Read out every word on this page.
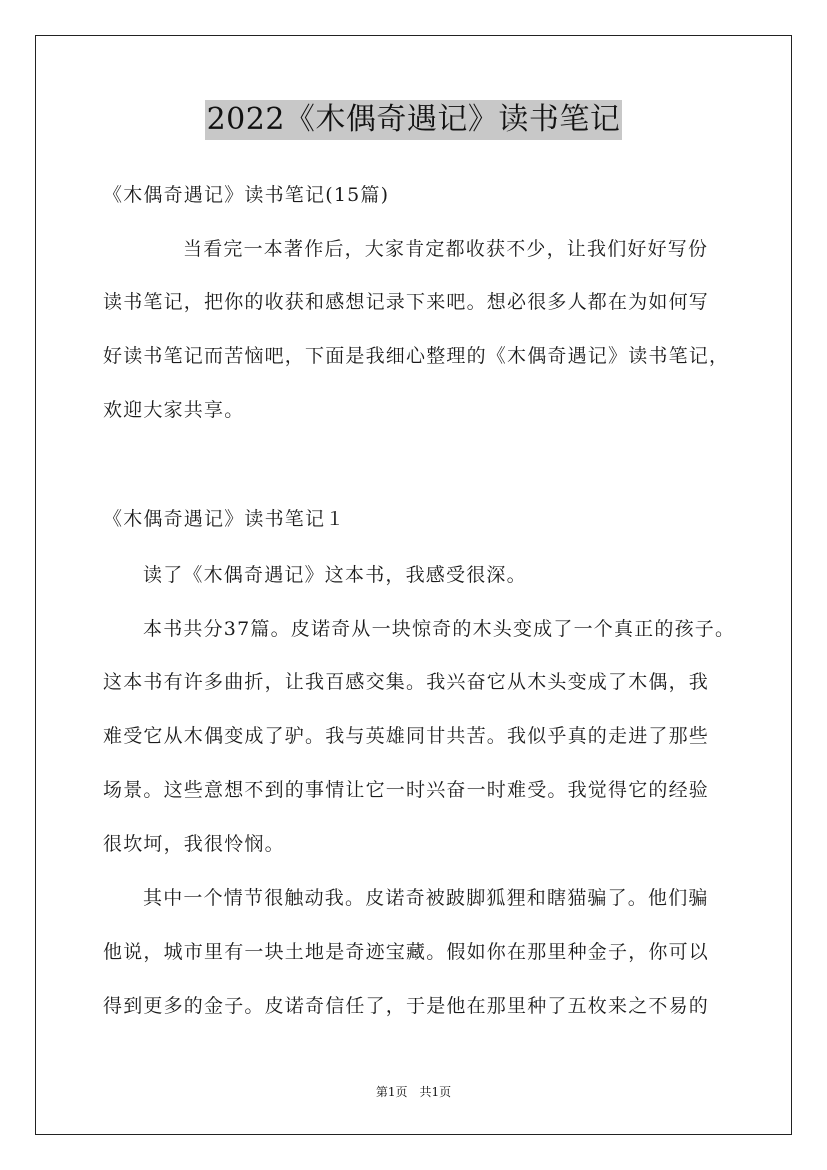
2022《木偶奇遇记》读书笔记
《木偶奇遇记》读书笔记(15篇)
当看完一本著作后，大家肯定都收获不少，让我们好好写份
读书笔记，把你的收获和感想记录下来吧。想必很多人都在为如何写
好读书笔记而苦恼吧，下面是我细心整理的《木偶奇遇记》读书笔记，
欢迎大家共享。
《木偶奇遇记》读书笔记１
读了《木偶奇遇记》这本书，我感受很深。
本书共分37篇。皮诺奇从一块惊奇的木头变成了一个真正的孩子。
这本书有许多曲折，让我百感交集。我兴奋它从木头变成了木偶，我
难受它从木偶变成了驴。我与英雄同甘共苦。我似乎真的走进了那些
场景。这些意想不到的事情让它一时兴奋一时难受。我觉得它的经验
很坎坷，我很怜悯。
其中一个情节很触动我。皮诺奇被跛脚狐狸和瞎猫骗了。他们骗
他说，城市里有一块土地是奇迹宝藏。假如你在那里种金子，你可以
得到更多的金子。皮诺奇信任了，于是他在那里种了五枚来之不易的
第1页　共1页
